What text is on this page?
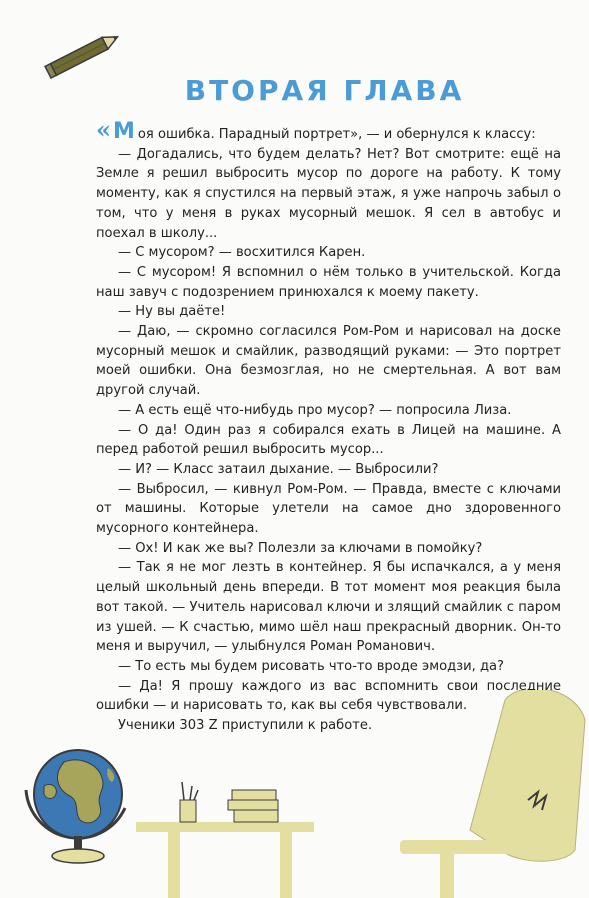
ВТОРАЯ ГЛАВА

«М оя ошибка. Парадный портрет», — и обернулся к классу:

— Догадались, что будем делать? Нет? Вот смотрите: ещё на Земле я решил выбросить мусор по дороге на работу. К тому моменту, как я спустился на первый этаж, я уже напрочь забыл о том, что у меня в руках мусорный мешок. Я сел в автобус и поехал в школу...

— С мусором? — восхитился Карен.

— С мусором! Я вспомнил о нём только в учительской. Когда наш завуч с подозрением принюхался к моему пакету.

— Ну вы даёте!

— Даю, — скромно согласился Ром-Ром и нарисовал на доске мусорный мешок и смайлик, разводящий руками: — Это портрет моей ошибки. Она безмозглая, но не смертельная. А вот вам другой случай.

— А есть ещё что-нибудь про мусор? — попросила Лиза.

— О да! Один раз я собирался ехать в Лицей на машине. А перед работой решил выбросить мусор...

— И? — Класс затаил дыхание. — Выбросили?

— Выбросил, — кивнул Ром-Ром. — Правда, вместе с ключами от машины. Которые улетели на самое дно здоровенного мусорного контейнера.

— Ох! И как же вы? Полезли за ключами в помойку?

— Так я не мог лезть в контейнер. Я бы испачкался, а у меня целый школьный день впереди. В тот момент моя реакция была вот такой. — Учитель нарисовал ключи и злящий смайлик с паром из ушей. — К счастью, мимо шёл наш прекрасный дворник. Он-то меня и выручил, — улыбнулся Роман Романович.

— То есть мы будем рисовать что-то вроде эмодзи, да?

— Да! Я прошу каждого из вас вспомнить свои последние ошибки — и нарисовать то, как вы себя чувствовали.

Ученики 303 Z приступили к работе.
